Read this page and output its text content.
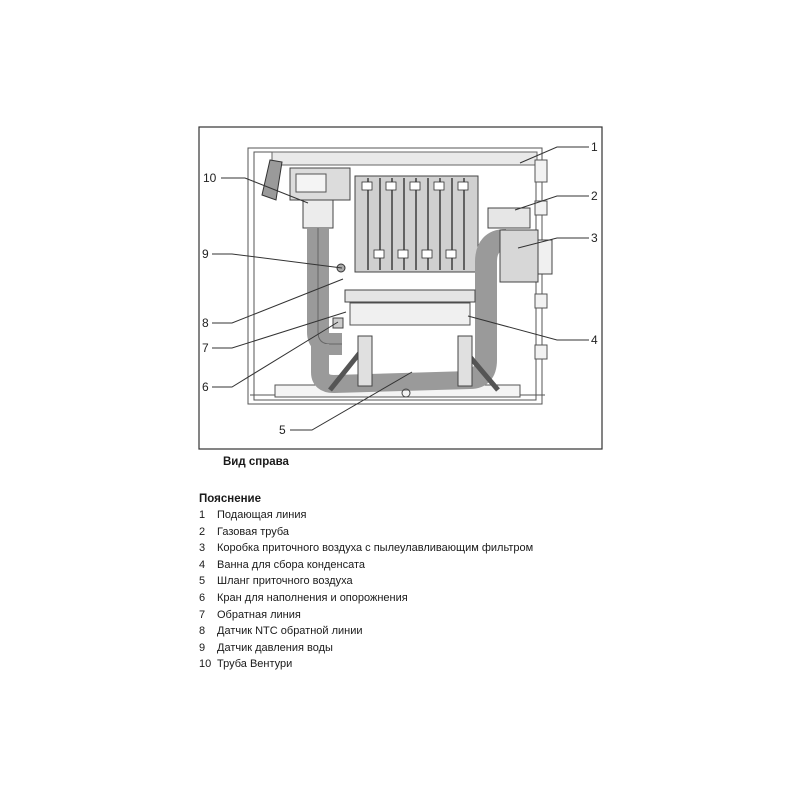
1
2
3
4
5
6
7
8
9
10
Вид справа
Пояснение
1	Подающая линия
2	Газовая труба
3	Коробка приточного воздуха с пылеулавливающим фильтром
4	Ванна для сбора конденсата
5	Шланг приточного воздуха
6	Кран для наполнения и опорожнения
7	Обратная линия
8	Датчик NTC обратной линии
9	Датчик давления воды
10 Труба Вентури
